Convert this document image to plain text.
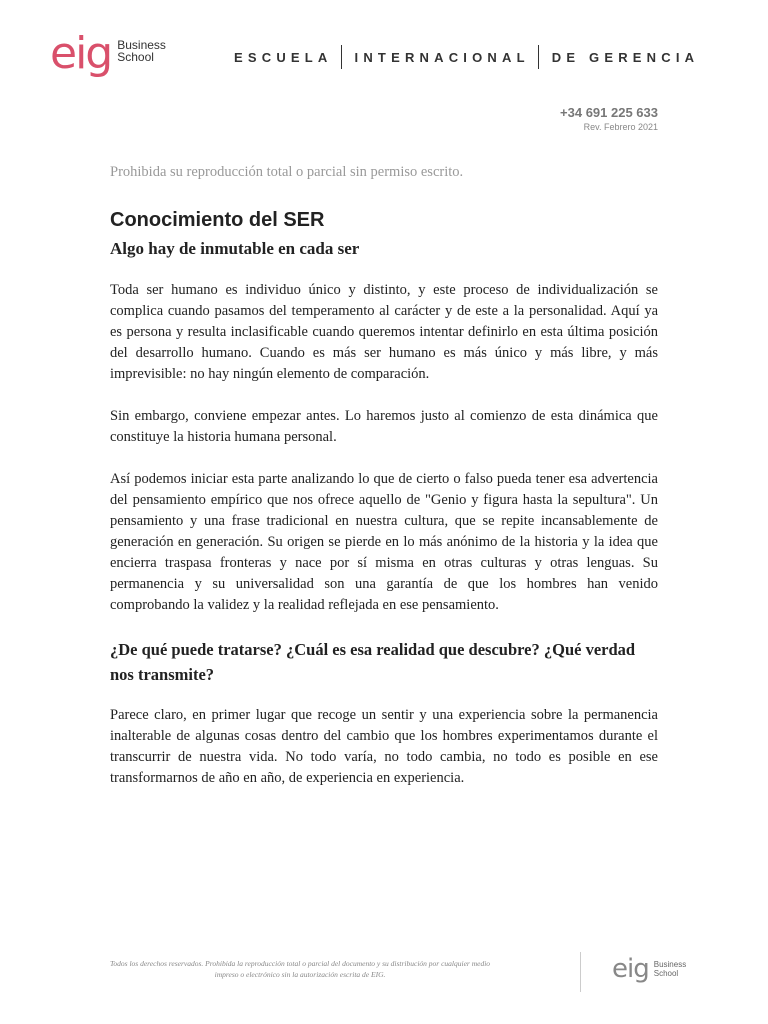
eig Business
School	ESCUELA INTERNACIONAL DE GERENCIA
+34 691 225 633
Rev. Febrero 2021
Prohibida su reproducción total o parcial sin permiso escrito.
Conocimiento del SER
Algo hay de inmutable en cada ser

Toda ser humano es individuo único y distinto, y este proceso de individualización se complica cuando pasamos del temperamento al carácter y de este a la personalidad. Aquí ya es persona y resulta inclasificable cuando queremos intentar definirlo en esta última posición del desarrollo humano. Cuando es más ser humano es más único y más libre, y más imprevisible: no hay ningún elemento de comparación.

Sin embargo, conviene empezar antes. Lo haremos justo al comienzo de esta dinámica que constituye la historia humana personal.

Así podemos iniciar esta parte analizando lo que de cierto o falso pueda tener esa advertencia del pensamiento empírico que nos ofrece aquello de "Genio y figura hasta la sepultura". Un pensamiento y una frase tradicional en nuestra cultura, que se repite incansablemente de generación en generación. Su origen se pierde en lo más anónimo de la historia y la idea que encierra traspasa fronteras y nace por sí misma en otras culturas y otras lenguas. Su permanencia y su universalidad son una garantía de que los hombres han venido comprobando la validez y la realidad reflejada en ese pensamiento.

¿De qué puede tratarse? ¿Cuál es esa realidad que descubre? ¿Qué verdad nos transmite?

Parece claro, en primer lugar que recoge un sentir y una experiencia sobre la permanencia inalterable de algunas cosas dentro del cambio que los hombres experimentamos durante el transcurrir de nuestra vida. No todo varía, no todo cambia, no todo es posible en ese transformarnos de año en año, de experiencia en experiencia.

Todos los derechos reservados. Prohibida la reproducción total o parcial del documento y su distribución por cualquier medio
impreso o electrónico sin la autorización escrita de EIG.	eig Business
School
